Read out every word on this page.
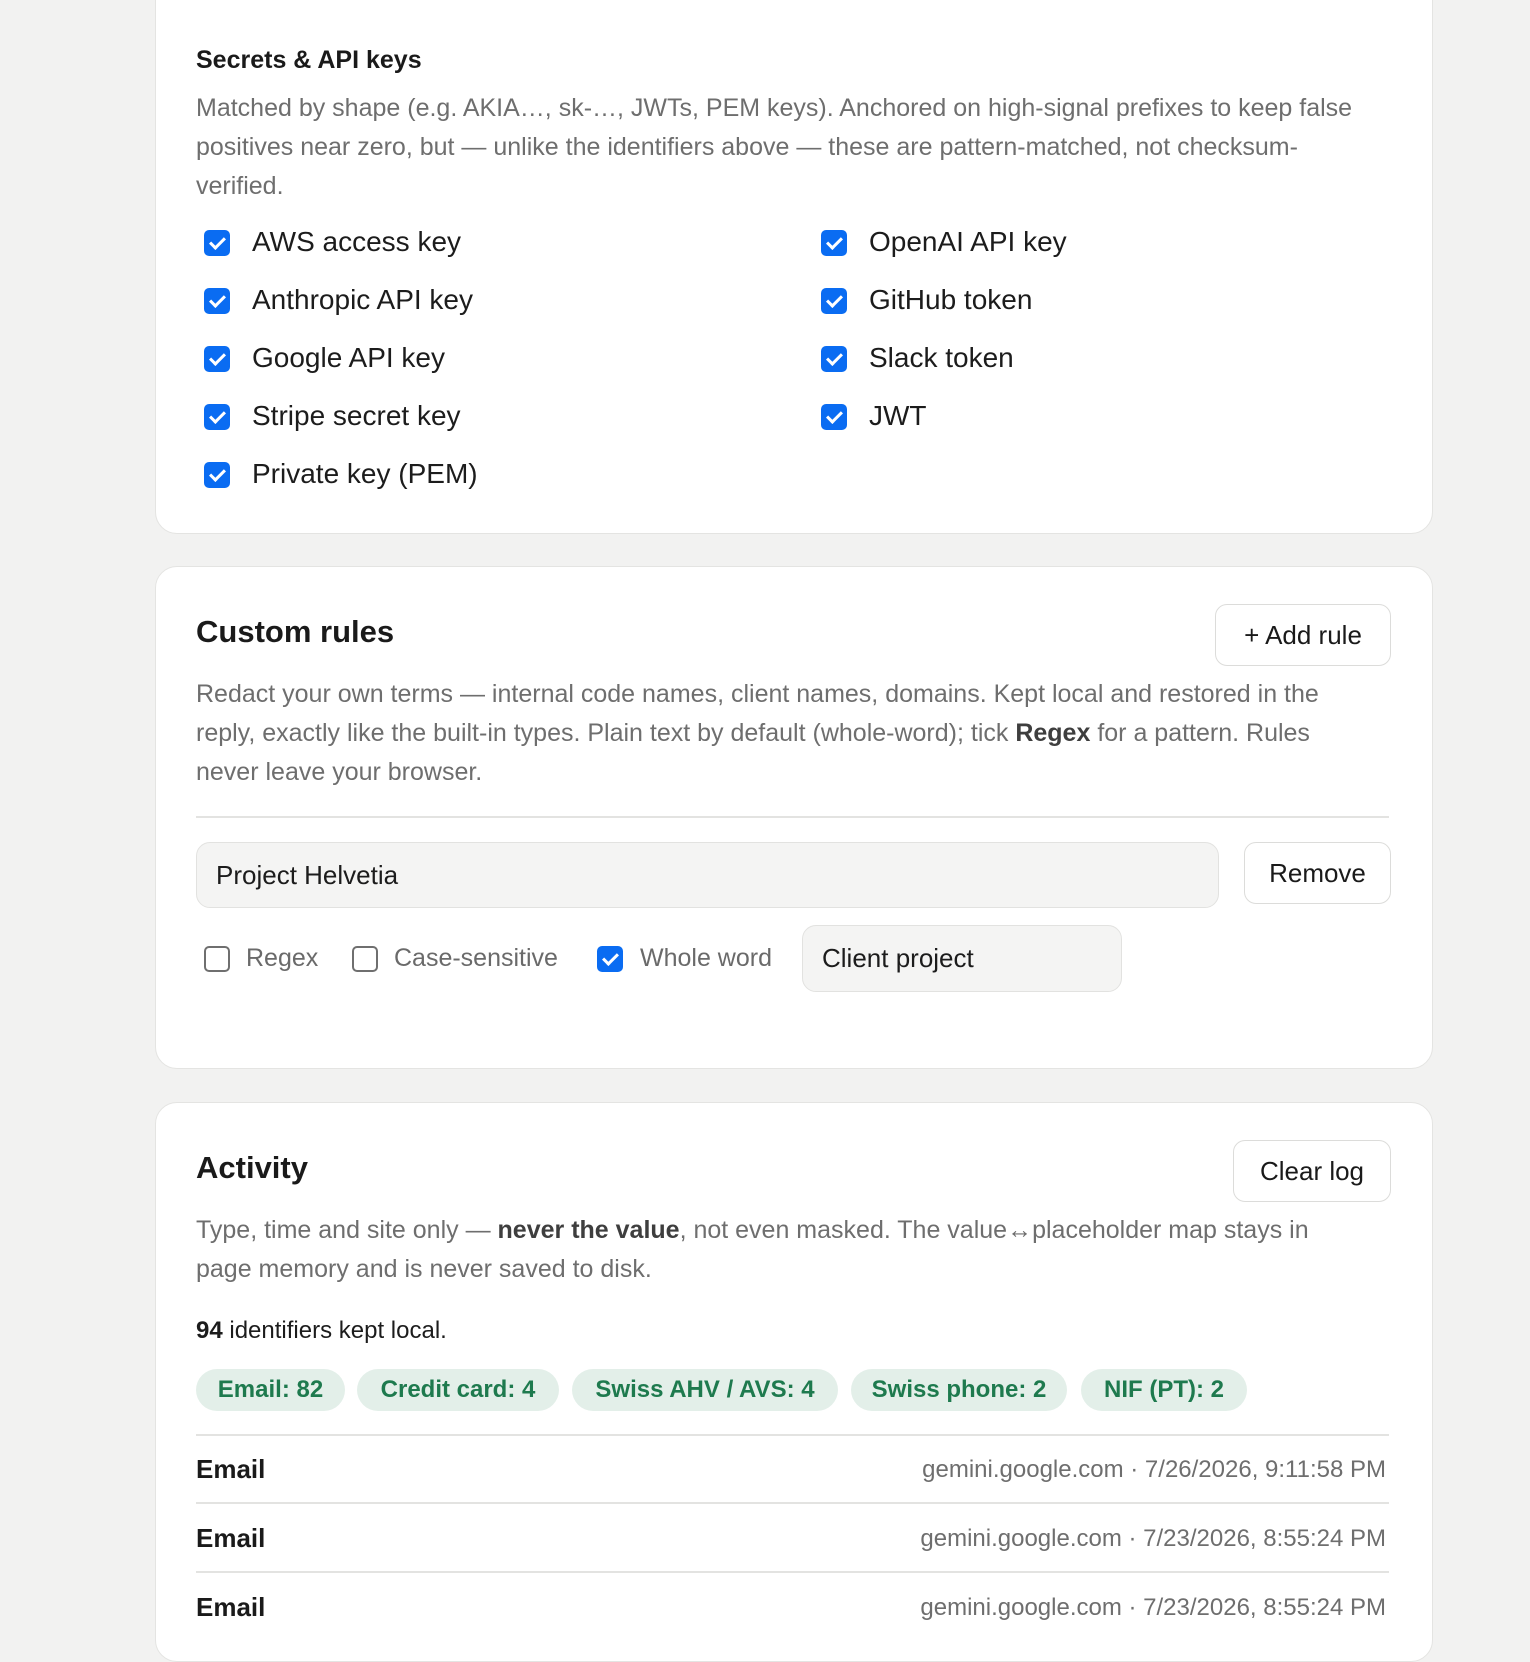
Secrets & API keys
Matched by shape (e.g. AKIA…, sk-…, JWTs, PEM keys). Anchored on high-signal prefixes to keep false positives near zero, but — unlike the identifiers above — these are pattern-matched, not checksum-verified.
AWS access key
Anthropic API key
Google API key
Stripe secret key
Private key (PEM)
OpenAI API key
GitHub token
Slack token
JWT
Custom rules	+ Add rule
Redact your own terms — internal code names, client names, domains. Kept local and restored in the reply, exactly like the built-in types. Plain text by default (whole-word); tick Regex for a pattern. Rules never leave your browser.
Project Helvetia	Remove
Regex	Case-sensitive	Whole word	Client project
Activity	Clear log
Type, time and site only — never the value, not even masked. The value↔placeholder map stays in page memory and is never saved to disk.
94 identifiers kept local.
Email: 82	Credit card: 4	Swiss AHV / AVS: 4	Swiss phone: 2	NIF (PT): 2
Email	gemini.google.com · 7/26/2026, 9:11:58 PM
Email	gemini.google.com · 7/23/2026, 8:55:24 PM
Email	gemini.google.com · 7/23/2026, 8:55:24 PM
